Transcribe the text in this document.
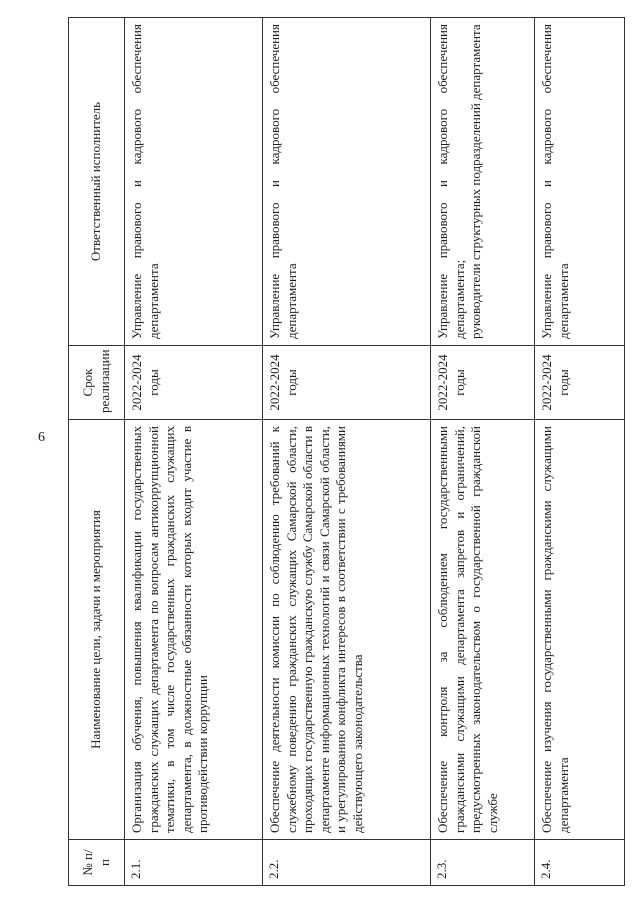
6
№ п/п	Наименование цели, задачи и мероприятия	Срок реализации	Ответственный исполнитель
2.1.	Организация обучения, повышения квалификации государственных гражданских служащих департамента по вопросам антикоррупционной тематики, в том числе государственных гражданских служащих департамента, в должностные обязанности которых входит участие в противодействии коррупции	2022-2024 годы	Управление правового и кадрового обеспечения департамента
2.2.	Обеспечение деятельности комиссии по соблюдению требований к служебному поведению гражданских служащих Самарской области, проходящих государственную гражданскую службу Самарской области в департаменте информационных технологий и связи Самарской области, и урегулированию конфликта интересов в соответствии с требованиями действующего законодательства	2022-2024 годы	Управление правового и кадрового обеспечения департамента
2.3.	Обеспечение контроля за соблюдением государственными гражданскими служащими департамента запретов и ограничений, предусмотренных законодательством о государственной гражданской службе	2022-2024 годы	Управление правового и кадрового обеспечения департамента; руководители структурных подразделений департамента

2.4.	Обеспечение изучения государственными гражданскими служащими департамента	2022-2024 годы	Управление правового и кадрового обеспечения департамента
